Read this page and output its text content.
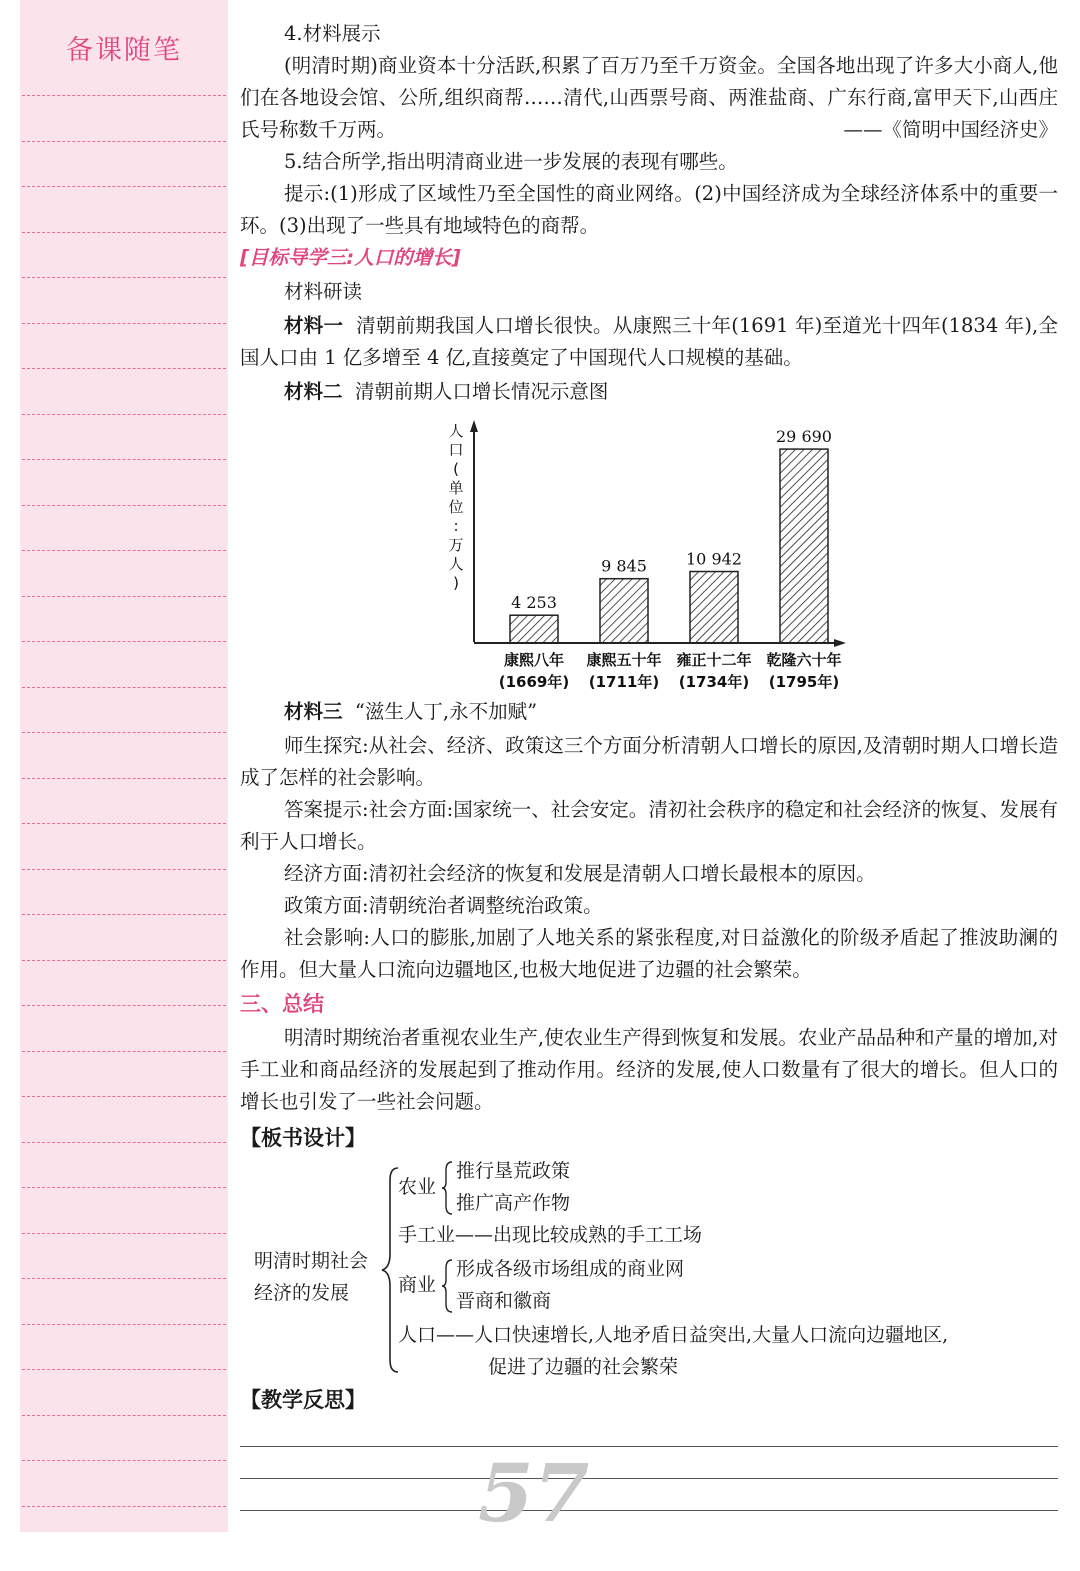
备课随笔
4.材料展示
(明清时期)商业资本十分活跃,积累了百万乃至千万资金。全国各地出现了许多大小商人,他们在各地设会馆、公所,组织商帮……清代,山西票号商、两淮盐商、广东行商,富甲天下,山西庄氏号称数千万两。	——《简明中国经济史》
5.结合所学,指出明清商业进一步发展的表现有哪些。
提示:(1)形成了区域性乃至全国性的商业网络。(2)中国经济成为全球经济体系中的重要一环。(3)出现了一些具有地域特色的商帮。
[目标导学三:人口的增长]
材料研读
材料一 清朝前期我国人口增长很快。从康熙三十年(1691 年)至道光十四年(1834 年),全国人口由 1 亿多增至 4 亿,直接奠定了中国现代人口规模的基础。
材料二 清朝前期人口增长情况示意图
人
口
(
单
位
:
万
人
)
4 253
康熙八年
(1669年)
9 845
康熙五十年
(1711年)
10 942
雍正十二年
(1734年)
29 690
乾隆六十年
(1795年)
材料三 “滋生人丁,永不加赋”
师生探究:从社会、经济、政策这三个方面分析清朝人口增长的原因,及清朝时期人口增长造成了怎样的社会影响。
答案提示:社会方面:国家统一、社会安定。清初社会秩序的稳定和社会经济的恢复、发展有利于人口增长。
经济方面:清初社会经济的恢复和发展是清朝人口增长最根本的原因。
政策方面:清朝统治者调整统治政策。
社会影响:人口的膨胀,加剧了人地关系的紧张程度,对日益激化的阶级矛盾起了推波助澜的作用。但大量人口流向边疆地区,也极大地促进了边疆的社会繁荣。
三、总结
明清时期统治者重视农业生产,使农业生产得到恢复和发展。农业产品品种和产量的增加,对手工业和商品经济的发展起到了推动作用。经济的发展,使人口数量有了很大的增长。但人口的增长也引发了一些社会问题。
【板书设计】
明清时期社会
经济的发展
农业
推行垦荒政策
推广高产作物
手工业——出现比较成熟的手工工场
商业
形成各级市场组成的商业网
晋商和徽商
人口——人口快速增长,人地矛盾日益突出,大量人口流向边疆地区,
促进了边疆的社会繁荣
【教学反思】
57
